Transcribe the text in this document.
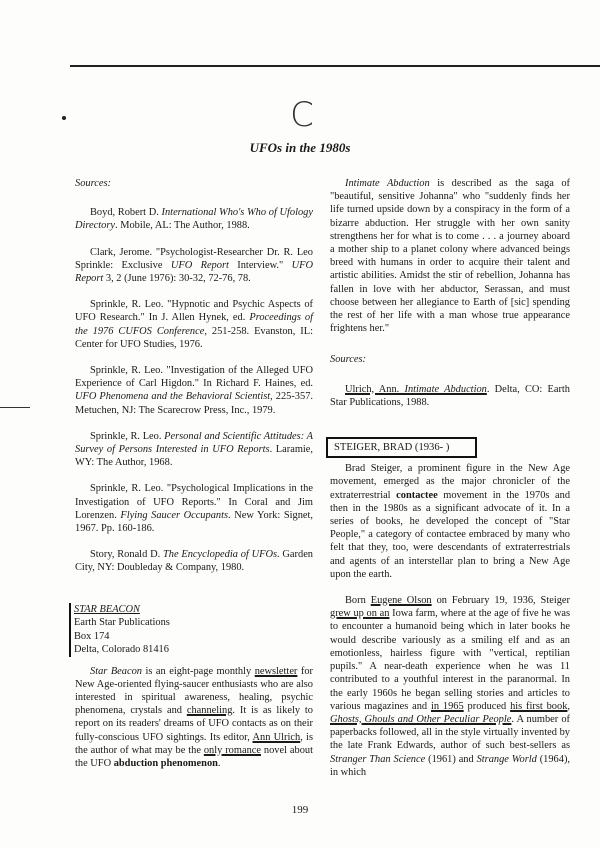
C
UFOs in the 1980s

Sources:

Boyd, Robert D. International Who's Who of Ufology Directory. Mobile, AL: The Author, 1988.

Clark, Jerome. "Psychologist-Researcher Dr. R. Leo Sprinkle: Exclusive UFO Report Interview." UFO Report 3, 2 (June 1976): 30-32, 72-76, 78.

Sprinkle, R. Leo. "Hypnotic and Psychic Aspects of UFO Research." In J. Allen Hynek, ed. Proceedings of the 1976 CUFOS Conference, 251-258. Evanston, IL: Center for UFO Studies, 1976.

Sprinkle, R. Leo. "Investigation of the Alleged UFO Experience of Carl Higdon." In Richard F. Haines, ed. UFO Phenomena and the Behavioral Scientist, 225-357. Metuchen, NJ: The Scarecrow Press, Inc., 1979.

Sprinkle, R. Leo. Personal and Scientific Attitudes: A Survey of Persons Interested in UFO Reports. Laramie, WY: The Author, 1968.

Sprinkle, R. Leo. "Psychological Implications in the Investigation of UFO Reports." In Coral and Jim Lorenzen. Flying Saucer Occupants. New York: Signet, 1967. Pp. 160-186.

Story, Ronald D. The Encyclopedia of UFOs. Garden City, NY: Doubleday & Company, 1980.

STAR BEACON
Earth Star Publications
Box 174
Delta, Colorado 81416

Star Beacon is an eight-page monthly newsletter for New Age-oriented flying-saucer enthusiasts who are also interested in spiritual awareness, healing, psychic phenomena, crystals and channeling. It is as likely to report on its readers' dreams of UFO contacts as on their fully-conscious UFO sightings. Its editor, Ann Ulrich, is the author of what may be the only romance novel about the UFO abduction phenomenon.

Intimate Abduction is described as the saga of "beautiful, sensitive Johanna" who "suddenly finds her life turned upside down by a conspiracy in the form of a bizarre abduction. Her struggle with her own sanity strengthens her for what is to come . . . a journey aboard a mother ship to a planet colony where advanced beings breed with humans in order to acquire their talent and artistic abilities. Amidst the stir of rebellion, Johanna has fallen in love with her abductor, Serassan, and must choose between her allegiance to Earth of [sic] spending the rest of her life with a man whose true appearance frightens her."

Sources:

Ulrich, Ann. Intimate Abduction. Delta, CO: Earth Star Publications, 1988.

STEIGER, BRAD (1936- )

Brad Steiger, a prominent figure in the New Age movement, emerged as the major chronicler of the extraterrestrial contactee movement in the 1970s and then in the 1980s as a significant advocate of it. In a series of books, he developed the concept of "Star People," a category of contactee embraced by many who felt that they, too, were descendants of extraterrestrials and agents of an interstellar plan to bring a New Age upon the earth.

Born Eugene Olson on February 19, 1936, Steiger grew up on an Iowa farm, where at the age of five he was to encounter a humanoid being which in later books he would describe variously as a smiling elf and as an emotionless, hairless figure with "vertical, reptilian pupils." A near-death experience when he was 11 contributed to a youthful interest in the paranormal. In the early 1960s he began selling stories and articles to various magazines and in 1965 produced his first book, Ghosts, Ghouls and Other Peculiar People. A number of paperbacks followed, all in the style virtually invented by the late Frank Edwards, author of such best-sellers as Stranger Than Science (1961) and Strange World (1964), in which

199
